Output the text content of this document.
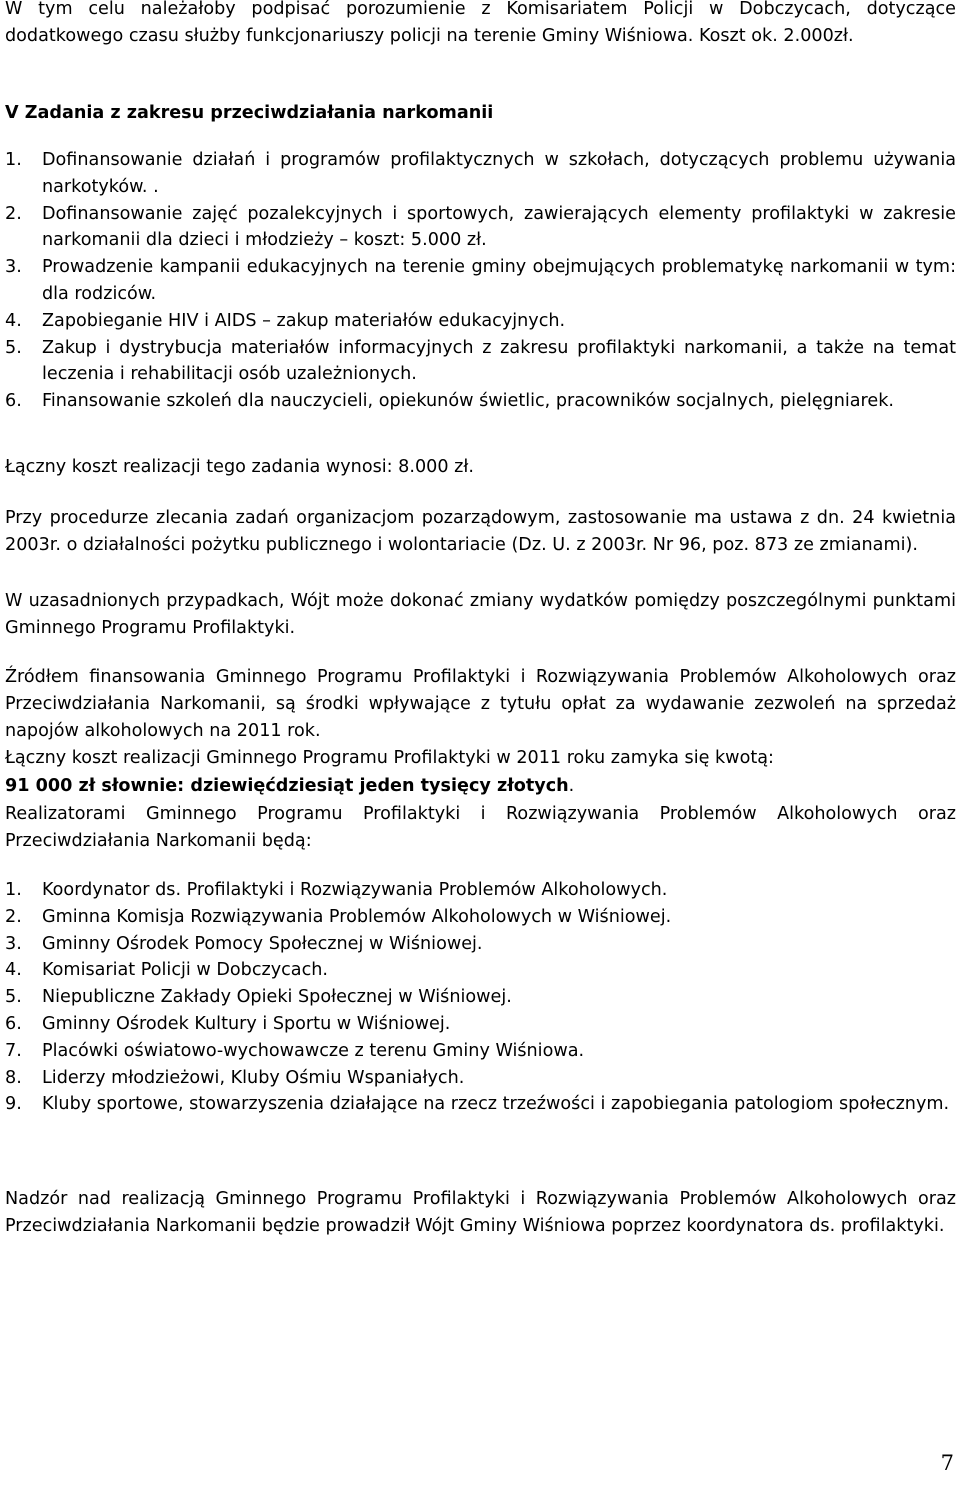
W tym celu należałoby podpisać porozumienie z Komisariatem Policji w Dobczycach, dotyczące dodatkowego czasu służby funkcjonariuszy policji na terenie Gminy Wiśniowa. Koszt ok. 2.000zł.

V Zadania z zakresu przeciwdziałania narkomanii

1. Dofinansowanie działań i programów profilaktycznych w szkołach, dotyczących problemu używania narkotyków. .
2. Dofinansowanie zajęć pozalekcyjnych i sportowych, zawierających elementy profilaktyki w zakresie narkomanii dla dzieci i młodzieży – koszt: 5.000 zł.
3. Prowadzenie kampanii edukacyjnych na terenie gminy obejmujących problematykę narkomanii w tym: dla rodziców.
4. Zapobieganie HIV i AIDS – zakup materiałów edukacyjnych.
5. Zakup i dystrybucja materiałów informacyjnych z zakresu profilaktyki narkomanii, a także na temat leczenia i rehabilitacji osób uzależnionych.
6. Finansowanie szkoleń dla nauczycieli, opiekunów świetlic, pracowników socjalnych, pielęgniarek.

Łączny koszt realizacji tego zadania wynosi: 8.000 zł.

Przy procedurze zlecania zadań organizacjom pozarządowym, zastosowanie ma ustawa z dn. 24 kwietnia 2003r. o działalności pożytku publicznego i wolontariacie (Dz. U. z 2003r. Nr 96, poz. 873 ze zmianami).

W uzasadnionych przypadkach, Wójt może dokonać zmiany wydatków pomiędzy poszczególnymi punktami Gminnego Programu Profilaktyki.

Źródłem finansowania Gminnego Programu Profilaktyki i Rozwiązywania Problemów Alkoholowych oraz Przeciwdziałania Narkomanii, są środki wpływające z tytułu opłat za wydawanie zezwoleń na sprzedaż napojów alkoholowych na 2011 rok.

Łączny koszt realizacji Gminnego Programu Profilaktyki w 2011 roku zamyka się kwotą:

91 000 zł słownie: dziewięćdziesiąt jeden tysięcy złotych.

Realizatorami Gminnego Programu Profilaktyki i Rozwiązywania Problemów Alkoholowych oraz Przeciwdziałania Narkomanii będą:

1. Koordynator ds. Profilaktyki i Rozwiązywania Problemów Alkoholowych.
2. Gminna Komisja Rozwiązywania Problemów Alkoholowych w Wiśniowej.
3. Gminny Ośrodek Pomocy Społecznej w Wiśniowej.
4. Komisariat Policji w Dobczycach.
5. Niepubliczne Zakłady Opieki Społecznej w Wiśniowej.
6. Gminny Ośrodek Kultury i Sportu w Wiśniowej.
7. Placówki oświatowo-wychowawcze z terenu Gminy Wiśniowa.
8. Liderzy młodzieżowi, Kluby Ośmiu Wspaniałych.
9. Kluby sportowe, stowarzyszenia działające na rzecz trzeźwości i zapobiegania patologiom społecznym.

Nadzór nad realizacją Gminnego Programu Profilaktyki i Rozwiązywania Problemów Alkoholowych oraz Przeciwdziałania Narkomanii będzie prowadził Wójt Gminy Wiśniowa poprzez koordynatora ds. profilaktyki.

7
